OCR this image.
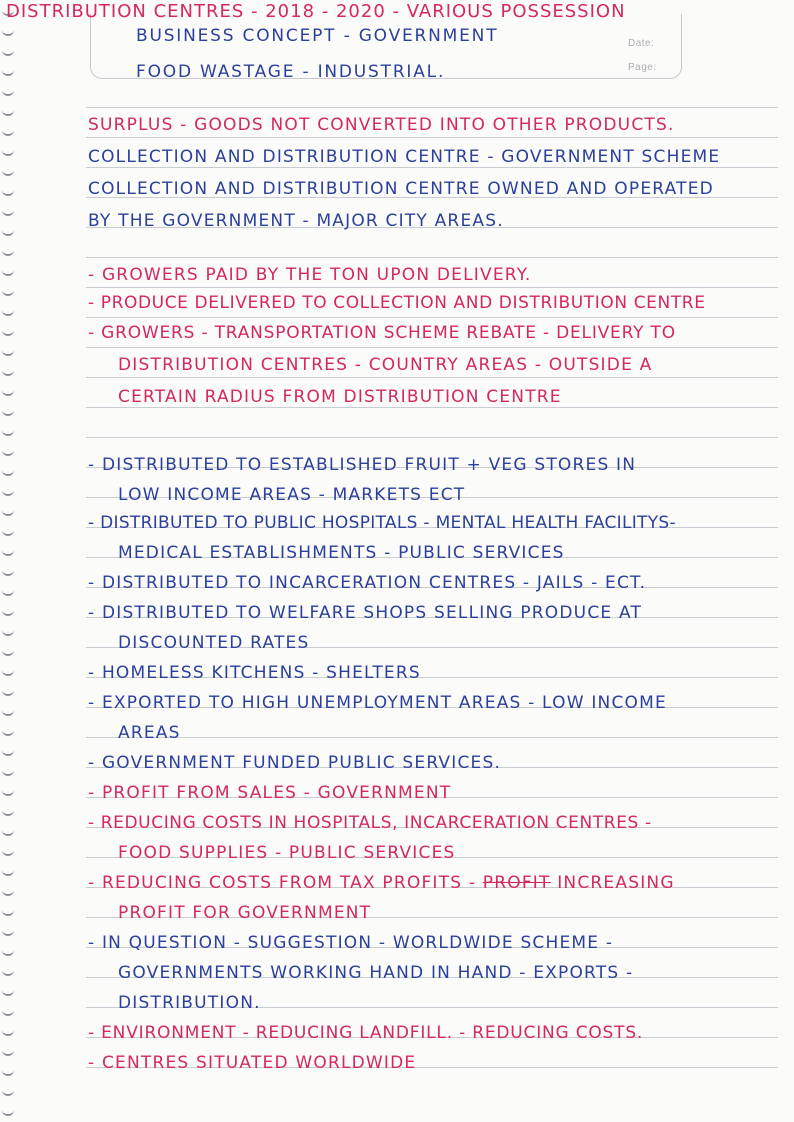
Date:
Page:

DISTRIBUTION CENTRES - 2018 - 2020 - VARIOUS POSSESSION

BUSINESS CONCEPT - GOVERNMENT

FOOD WASTAGE - INDUSTRIAL.

SURPLUS - GOODS NOT CONVERTED INTO OTHER PRODUCTS.

COLLECTION AND DISTRIBUTION CENTRE - GOVERNMENT SCHEME

COLLECTION AND DISTRIBUTION CENTRE OWNED AND OPERATED

BY THE GOVERNMENT - MAJOR CITY AREAS.

- GROWERS PAID BY THE TON UPON DELIVERY.

- PRODUCE DELIVERED TO COLLECTION AND DISTRIBUTION CENTRE

- GROWERS - TRANSPORTATION SCHEME REBATE - DELIVERY TO

DISTRIBUTION CENTRES - COUNTRY AREAS - OUTSIDE A

CERTAIN RADIUS FROM DISTRIBUTION CENTRE

- DISTRIBUTED TO ESTABLISHED FRUIT + VEG STORES IN

LOW INCOME AREAS - MARKETS ECT

- DISTRIBUTED TO PUBLIC HOSPITALS - MENTAL HEALTH FACILITYS-

MEDICAL ESTABLISHMENTS - PUBLIC SERVICES

- DISTRIBUTED TO INCARCERATION CENTRES - JAILS - ECT.

- DISTRIBUTED TO WELFARE SHOPS SELLING PRODUCE AT

DISCOUNTED RATES

- HOMELESS KITCHENS - SHELTERS

- EXPORTED TO HIGH UNEMPLOYMENT AREAS - LOW INCOME

AREAS

- GOVERNMENT FUNDED PUBLIC SERVICES.

- PROFIT FROM SALES - GOVERNMENT

- REDUCING COSTS IN HOSPITALS, INCARCERATION CENTRES -

FOOD SUPPLIES - PUBLIC SERVICES

- REDUCING COSTS FROM TAX PROFITS - PROFIT INCREASING

PROFIT FOR GOVERNMENT

- IN QUESTION - SUGGESTION - WORLDWIDE SCHEME -

GOVERNMENTS WORKING HAND IN HAND - EXPORTS -

DISTRIBUTION.

- ENVIRONMENT - REDUCING LANDFILL. - REDUCING COSTS.

- CENTRES SITUATED WORLDWIDE
